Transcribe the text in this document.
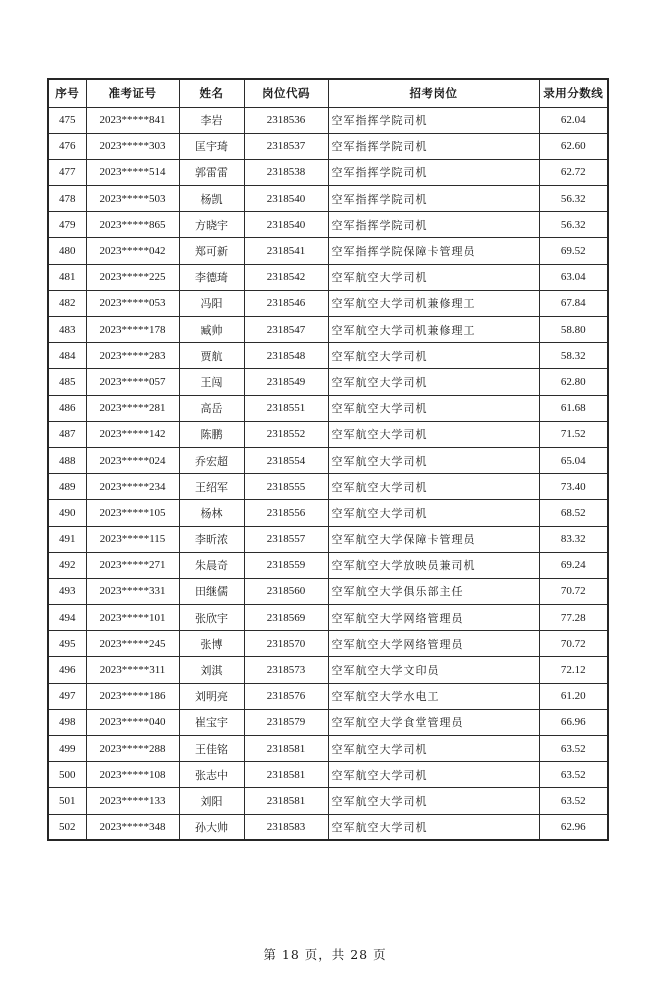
序号	准考证号	姓名	岗位代码	招考岗位	录用分数线
475	2023*****841	李岩	2318536	空军指挥学院司机	62.04
476	2023*****303	匡宇琦	2318537	空军指挥学院司机	62.60
477	2023*****514	郭雷雷	2318538	空军指挥学院司机	62.72
478	2023*****503	杨凯	2318540	空军指挥学院司机	56.32
479	2023*****865	方晓宇	2318540	空军指挥学院司机	56.32
480	2023*****042	郑可新	2318541	空军指挥学院保障卡管理员	69.52
481	2023*****225	李德琦	2318542	空军航空大学司机	63.04
482	2023*****053	冯阳	2318546	空军航空大学司机兼修理工	67.84
483	2023*****178	臧帅	2318547	空军航空大学司机兼修理工	58.80
484	2023*****283	贾航	2318548	空军航空大学司机	58.32
485	2023*****057	王闯	2318549	空军航空大学司机	62.80
486	2023*****281	高岳	2318551	空军航空大学司机	61.68
487	2023*****142	陈鹏	2318552	空军航空大学司机	71.52
488	2023*****024	乔宏超	2318554	空军航空大学司机	65.04
489	2023*****234	王绍军	2318555	空军航空大学司机	73.40
490	2023*****105	杨林	2318556	空军航空大学司机	68.52
491	2023*****115	李昕浓	2318557	空军航空大学保障卡管理员	83.32
492	2023*****271	朱晨奇	2318559	空军航空大学放映员兼司机	69.24
493	2023*****331	田继儒	2318560	空军航空大学俱乐部主任	70.72
494	2023*****101	张欣宇	2318569	空军航空大学网络管理员	77.28
495	2023*****245	张博	2318570	空军航空大学网络管理员	70.72
496	2023*****311	刘淇	2318573	空军航空大学文印员	72.12
497	2023*****186	刘明亮	2318576	空军航空大学水电工	61.20
498	2023*****040	崔宝宇	2318579	空军航空大学食堂管理员	66.96
499	2023*****288	王佳铭	2318581	空军航空大学司机	63.52
500	2023*****108	张志中	2318581	空军航空大学司机	63.52
501	2023*****133	刘阳	2318581	空军航空大学司机	63.52
502	2023*****348	孙大帅	2318583	空军航空大学司机	62.96
第 18 页，共 28 页
